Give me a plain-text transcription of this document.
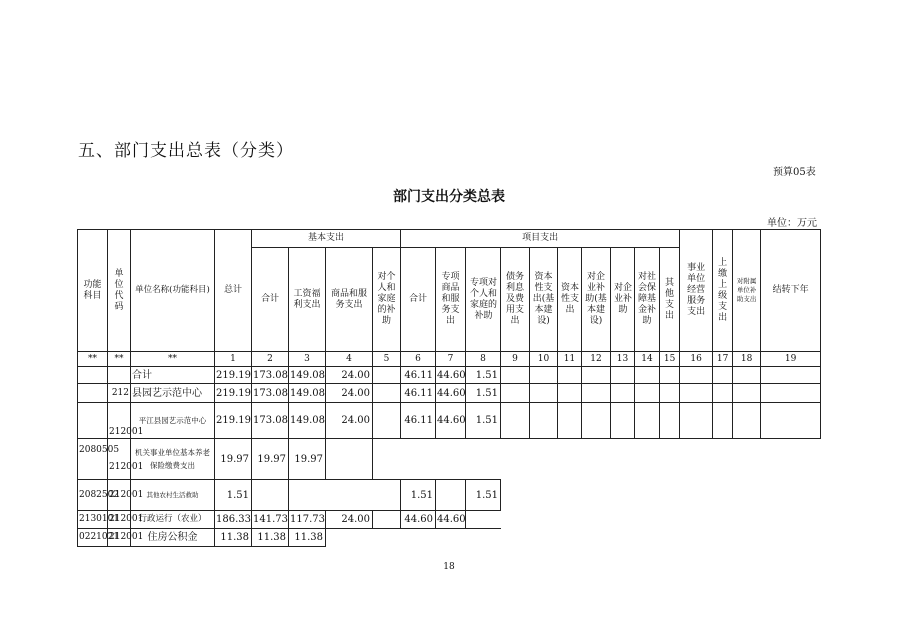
五、部门支出总表（分类）
预算05表
部门支出分类总表
单位：万元
功能科目	单位代码	单位名称(功能科目)	总计	基本支出				项目支出										事业单位经营服务支出	上缴上级支出	对附属单位补助支出	结转下年
				合计	工资福利支出	商品和服务支出	对个人和家庭的补助	合计	专项商品和服务支出	专项对个人和家庭的补助	债务利息及费用支出	资本性支出(基本建设)	资本性支出	对企业补助(基本建设)	对企业补助	对社会保障基金补助	其他支出				

**	**	**	1	2	3	4	5	6	7	8	9	10	11	12	13	14	15	16	17	18	19
		合计	219.19	173.08	149.08	24.00		46.11	44.60	1.51											
	212	县园艺示范中心	219.19	173.08	149.08	24.00		46.11	44.60	1.51											
	212001	平江县园艺示范中心	219.19	173.08	149.08	24.00		46.11	44.60	1.51											
2080505	212001	机关事业单位基本养老保险缴费支出	19.97	19.97	19.97																
2082502	212001	其他农村生活救助	1.51					1.51		1.51											
2130101	212001	行政运行（农业）	186.33	141.73	117.73	24.00		44.60	44.60												
0221021	212001	住房公积金	11.38	11.38	11.38																
18
